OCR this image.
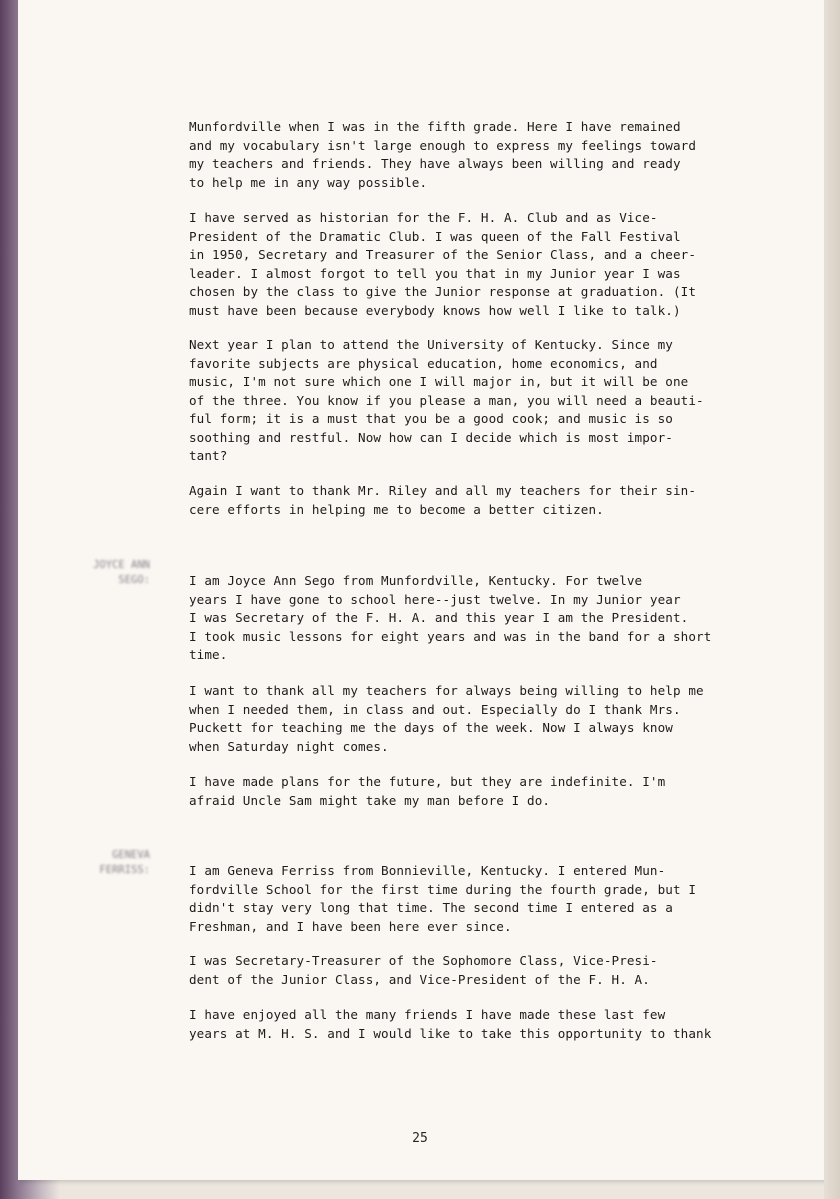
Munfordville when I was in the fifth grade. Here I have remained
and my vocabulary isn't large enough to express my feelings toward
my teachers and friends. They have always been willing and ready
to help me in any way possible.

I have served as historian for the F. H. A. Club and as Vice-
President of the Dramatic Club. I was queen of the Fall Festival
in 1950, Secretary and Treasurer of the Senior Class, and a cheer-
leader. I almost forgot to tell you that in my Junior year I was
chosen by the class to give the Junior response at graduation. (It
must have been because everybody knows how well I like to talk.)

Next year I plan to attend the University of Kentucky. Since my
favorite subjects are physical education, home economics, and
music, I'm not sure which one I will major in, but it will be one
of the three. You know if you please a man, you will need a beauti-
ful form; it is a must that you be a good cook; and music is so
soothing and restful. Now how can I decide which is most impor-
tant?

Again I want to thank Mr. Riley and all my teachers for their sin-
cere efforts in helping me to become a better citizen.

JOYCE ANN
SEGO:	I am Joyce Ann Sego from Munfordville, Kentucky. For twelve
years I have gone to school here--just twelve. In my Junior year
I was Secretary of the F. H. A. and this year I am the President.
I took music lessons for eight years and was in the band for a short
time.

I want to thank all my teachers for always being willing to help me
when I needed them, in class and out. Especially do I thank Mrs.
Puckett for teaching me the days of the week. Now I always know
when Saturday night comes.

I have made plans for the future, but they are indefinite. I'm
afraid Uncle Sam might take my man before I do.

GENEVA
FERRISS:	I am Geneva Ferriss from Bonnieville, Kentucky. I entered Mun-
fordville School for the first time during the fourth grade, but I
didn't stay very long that time. The second time I entered as a
Freshman, and I have been here ever since.

I was Secretary-Treasurer of the Sophomore Class, Vice-Presi-
dent of the Junior Class, and Vice-President of the F. H. A.

I have enjoyed all the many friends I have made these last few
years at M. H. S. and I would like to take this opportunity to thank

25
